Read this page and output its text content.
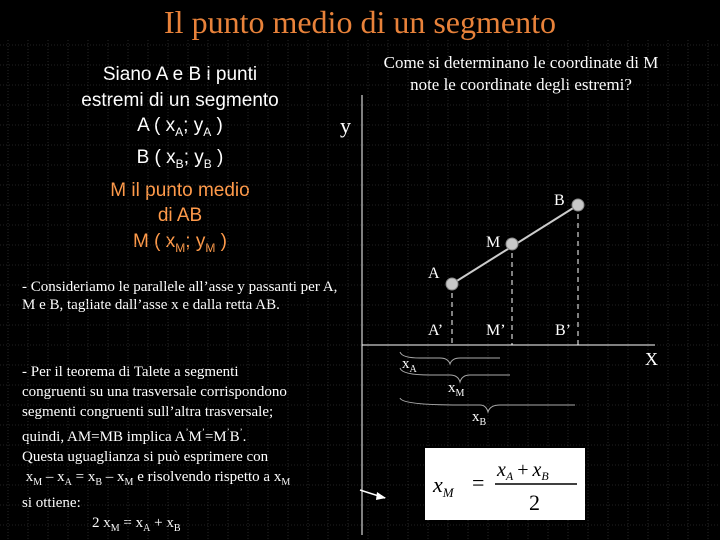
Il punto medio di un segmento
Come si determinano le coordinate di M
note le coordinate degli estremi?
Siano A e B i punti
estremi di un segmento
A ( $x_A$; $y_A$ )
B ( $x_B$; $y_B$ )
M il punto medio
di AB
M ( $x_M$; $y_M$ )
- Consideriamo le parallele all’asse y passanti per A, M e B, tagliate dall’asse x e dalla retta AB.
- Per il teorema di Talete a segmenti
congruenti su una trasversale corrispondono
segmenti congruenti sull’altra trasversale;
quindi, AM=MB implica A’M’=M’B’.
Questa uguaglianza si può esprimere con
$x_M - x_A = x_B - x_M$ e risolvendo rispetto a $x_M$
si ottiene:
2 $x_M = x_A + x_B$
y
X
A
M
B
A’	M’	B’
$x_A$
$x_M$
$x_B$
$x_M = x_A + x_B$
2
